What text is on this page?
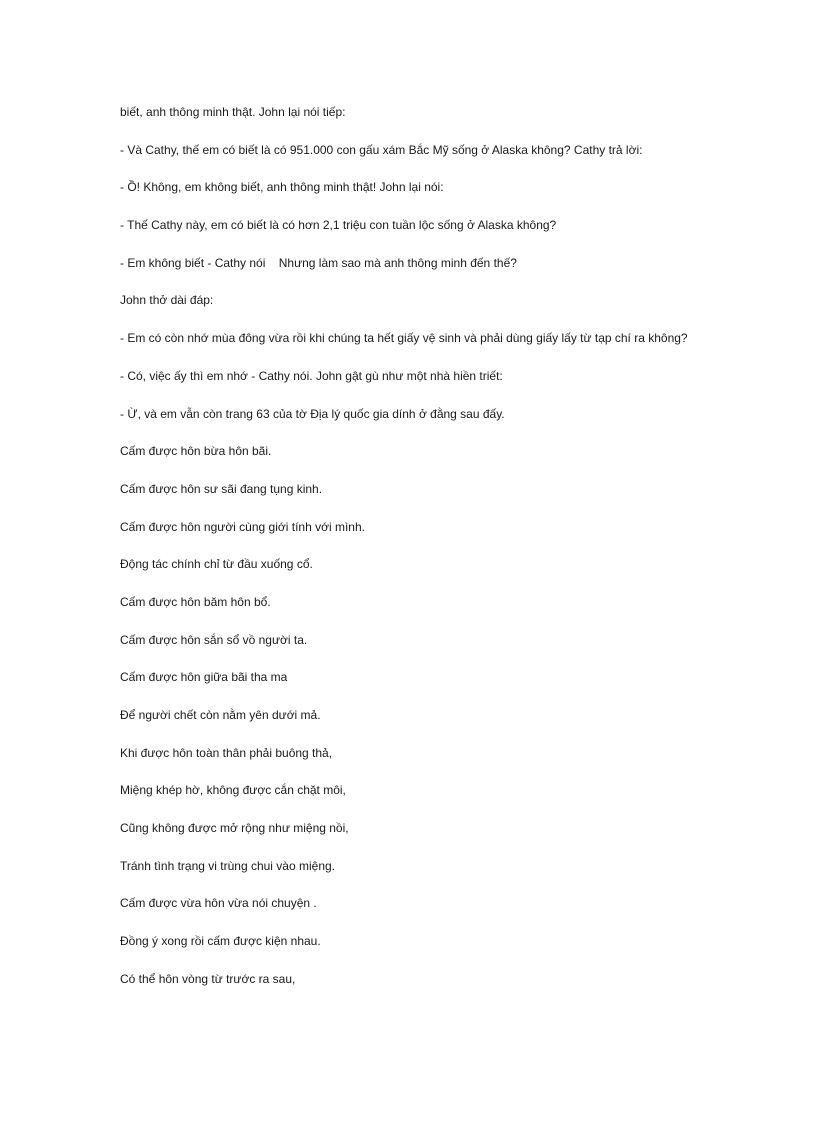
biết, anh thông minh thật. John lại nói tiếp:

- Và Cathy, thế em có biết là có 951.000 con gấu xám Bắc Mỹ sống ở Alaska không? Cathy trả lời:

- Ồ! Không, em không biết, anh thông minh thật! John lại nói:

- Thế Cathy này, em có biết là có hơn 2,1 triệu con tuần lộc sống ở Alaska không?

- Em không biết - Cathy nói    Nhưng làm sao mà anh thông minh đến thế?

John thở dài đáp:

- Em có còn nhớ mùa đông vừa rồi khi chúng ta hết giấy vệ sinh và phải dùng giấy lấy từ tạp chí ra không?

- Có, việc ấy thì em nhớ - Cathy nói. John gật gù như một nhà hiền triết:

- Ừ, và em vẫn còn trang 63 của tờ Địa lý quốc gia dính ở đằng sau đấy.

Cấm được hôn bừa hôn bãi.

Cấm được hôn sư sãi đang tụng kinh.

Cấm được hôn người cùng giới tính với mình.

Động tác chính chỉ từ đầu xuống cổ.

Cấm được hôn băm hôn bổ.

Cấm được hôn sắn sổ vồ người ta.

Cấm được hôn giữa bãi tha ma

Để người chết còn nằm yên dưới mả.

Khi được hôn toàn thân phải buông thả,

Miệng khép hờ, không được cắn chặt môi,

Cũng không được mở rộng như miệng nồi,

Tránh tình trạng vi trùng chui vào miệng.

Cấm được vừa hôn vừa nói chuyện .

Đồng ý xong rồi cấm được kiện nhau.

Có thể hôn vòng từ trước ra sau,
